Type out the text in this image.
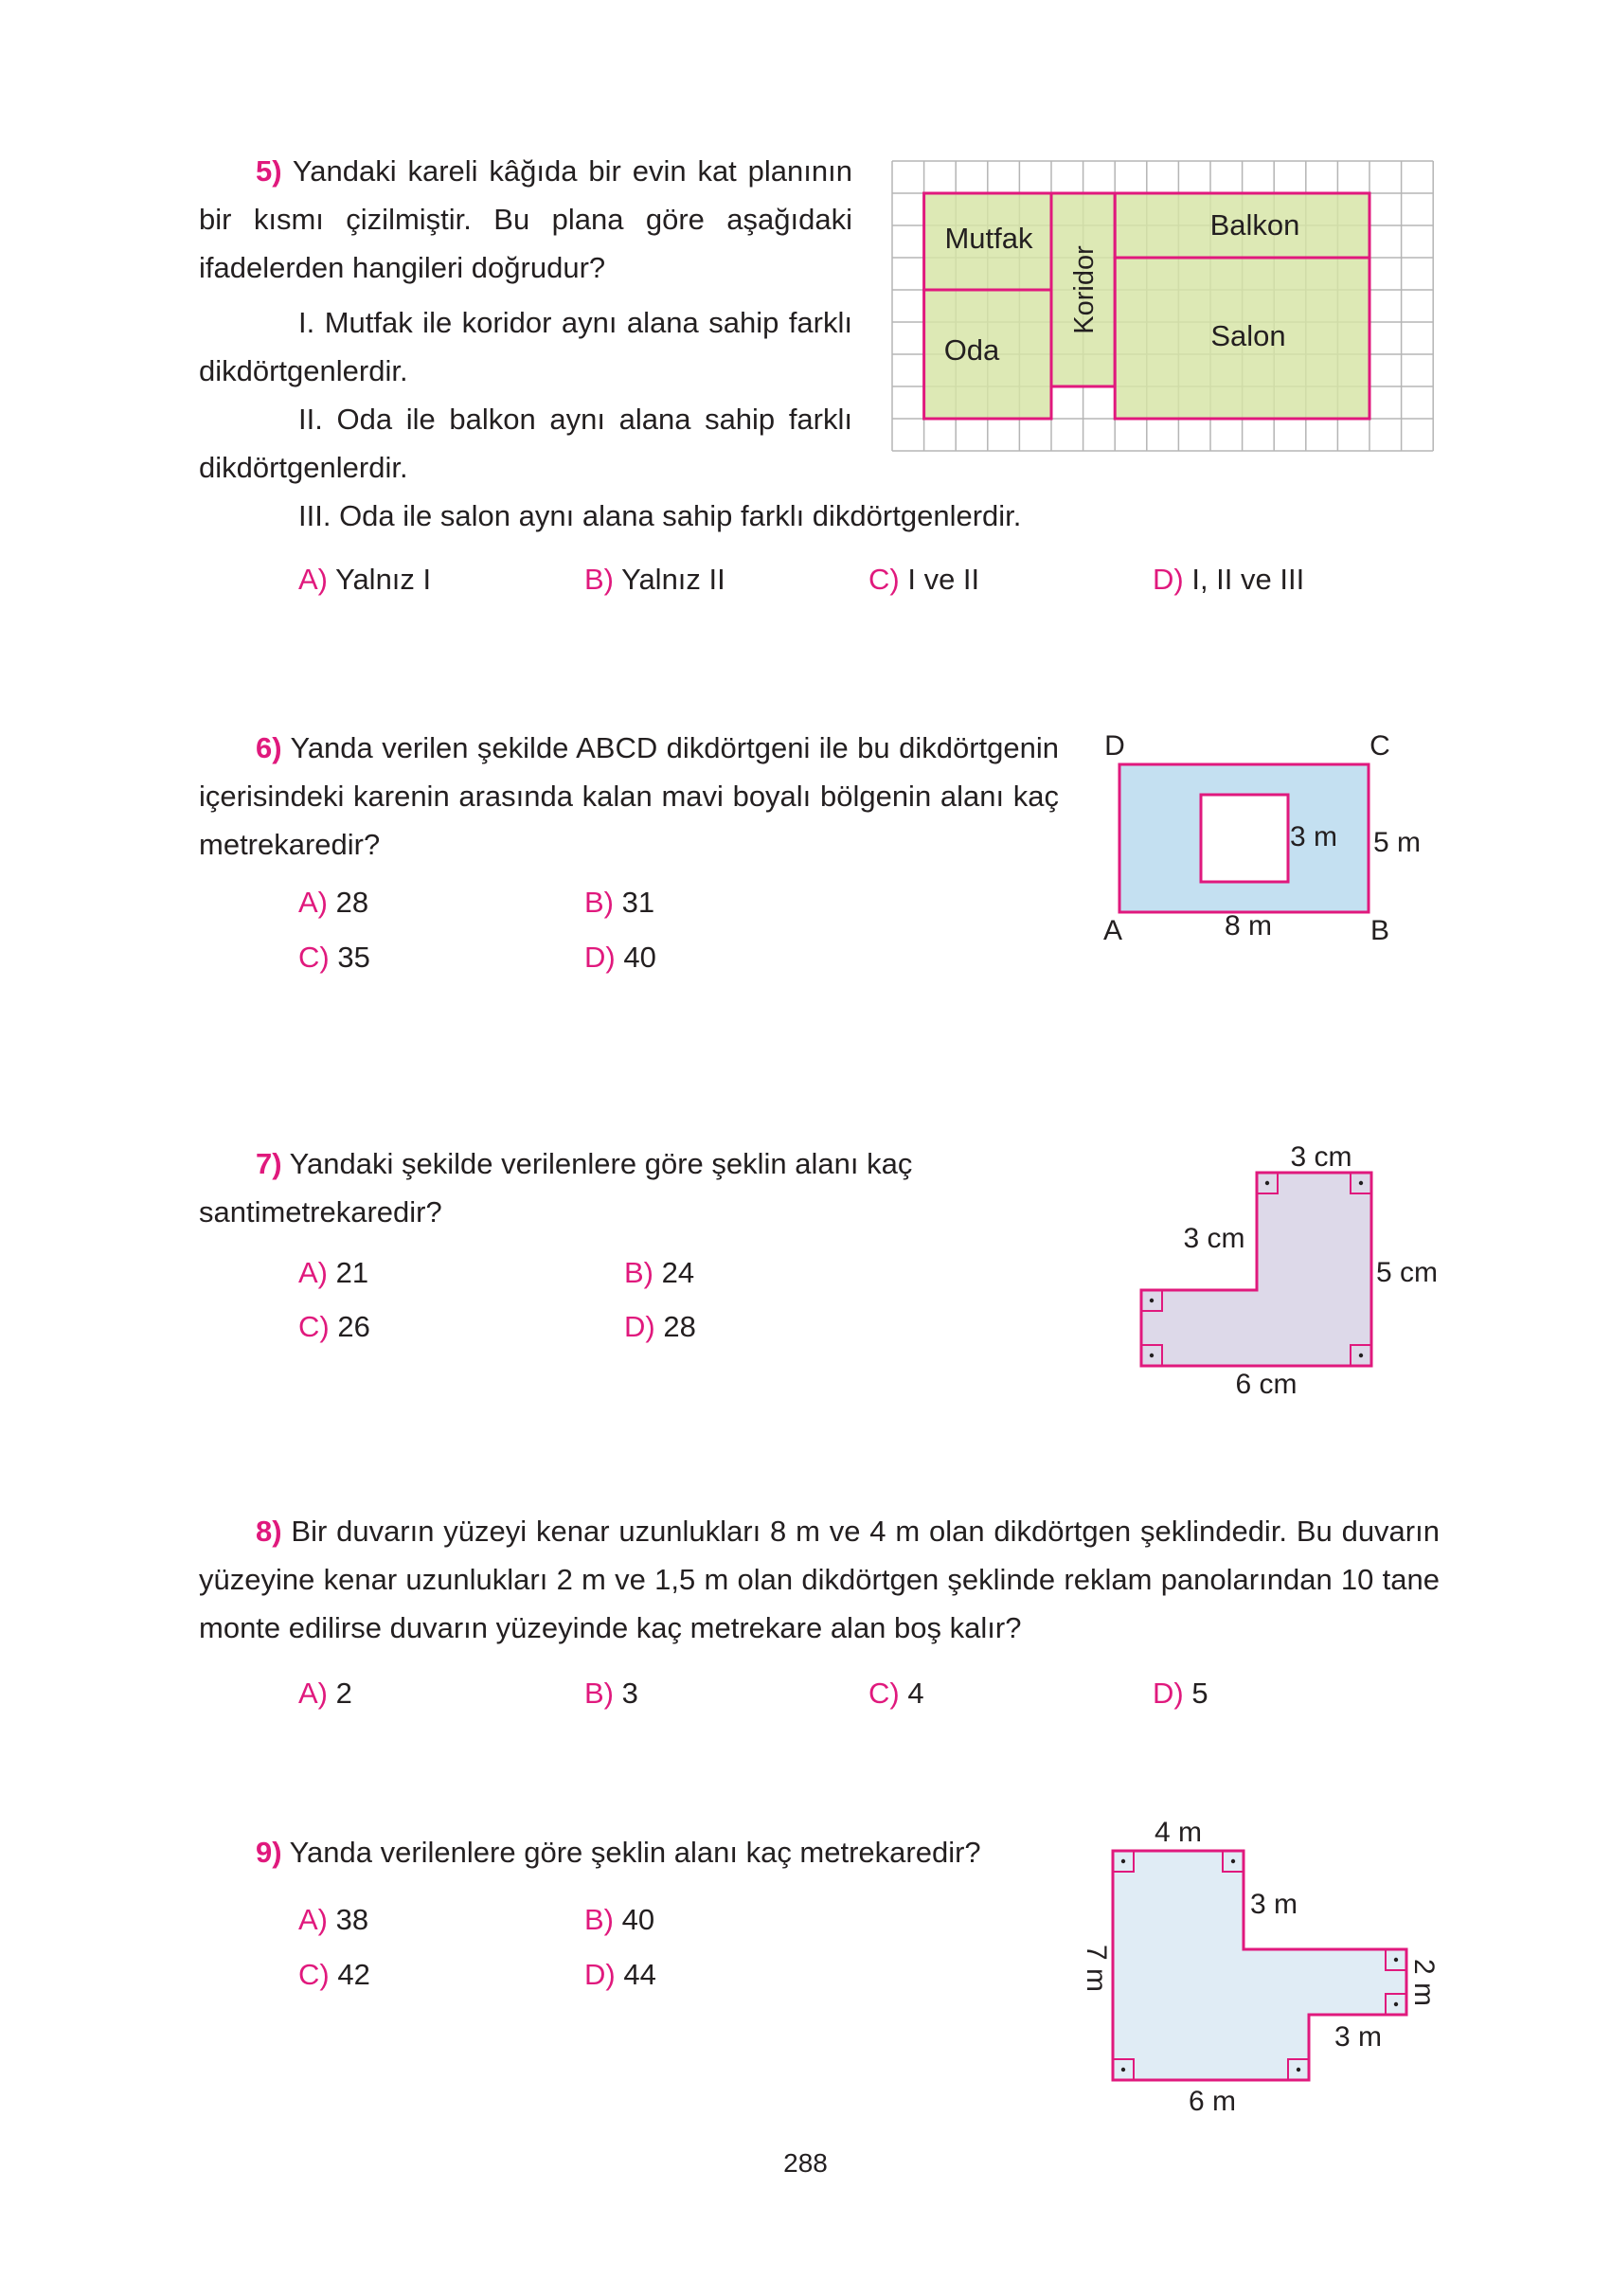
5) Yandaki kareli kâğıda bir evin kat planının bir kısmı çizilmiştir. Bu plana göre aşağıdaki ifadelerden hangileri doğrudur?
I. Mutfak ile koridor aynı alana sahip farklı dikdörtgenlerdir.
II. Oda ile balkon aynı alana sahip farklı dikdörtgenlerdir.
III. Oda ile salon aynı alana sahip farklı dikdörtgenlerdir.
A) Yalnız I	B) Yalnız II	C) I ve II	D) I, II ve III
Mutfak
Oda
Balkon
Salon
Koridor
6) Yanda verilen şekilde ABCD dikdörtgeni ile bu dikdörtgenin içerisindeki karenin arasında kalan mavi boyalı bölgenin alanı kaç metrekaredir?
A) 28	B) 31
C) 35	D) 40
D	C
A	B
3 m 5 m
8 m
7) Yandaki şekilde verilenlere göre şeklin alanı kaç santimetrekaredir?
A) 21	B) 24
C) 26	D) 28
3 cm
3 cm
5 cm
6 cm
8) Bir duvarın yüzeyi kenar uzunlukları 8 m ve 4 m olan dikdörtgen şeklindedir. Bu duvarın yüzeyine kenar uzunlukları 2 m ve 1,5 m olan dikdörtgen şeklinde reklam panolarından 10 tane monte edilirse duvarın yüzeyinde kaç metrekare alan boş kalır?
A) 2	B) 3	C) 4	D) 5
9) Yanda verilenlere göre şeklin alanı kaç metrekaredir?
A) 38	B) 40
C) 42	D) 44
4 m
3 m
3 m
6 m
7 m	2 m
288
